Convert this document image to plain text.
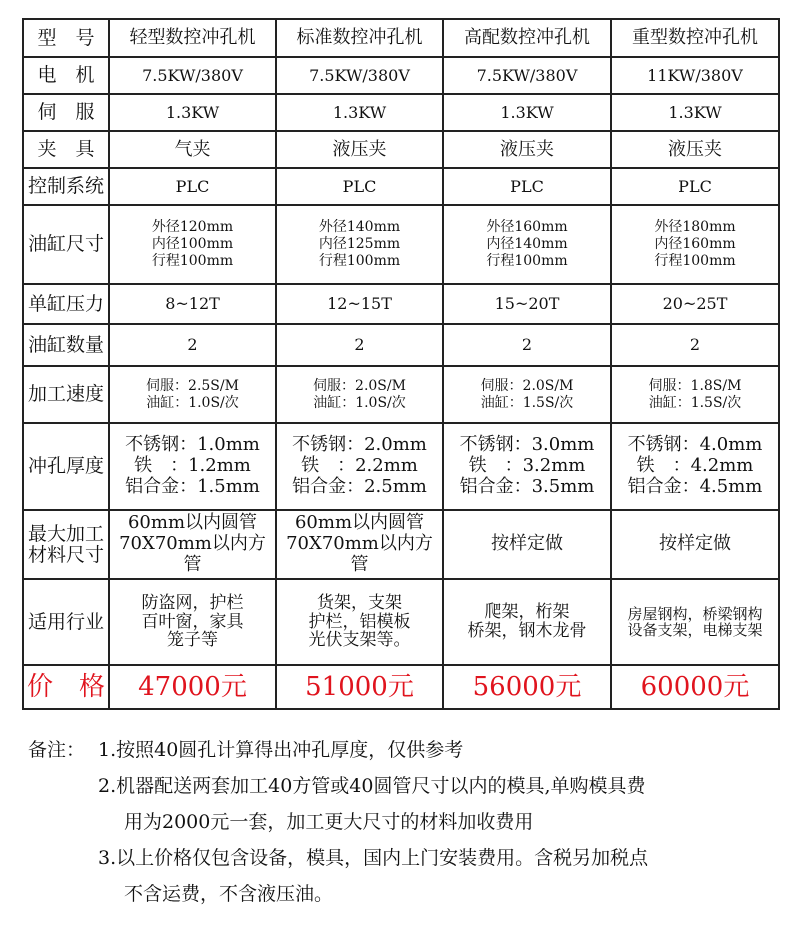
型　号	轻型数控冲孔机	标准数控冲孔机	高配数控冲孔机	重型数控冲孔机
电　机	7.5KW/380V	7.5KW/380V	7.5KW/380V	11KW/380V
伺　服	1.3KW	1.3KW	1.3KW	1.3KW
夹　具	气夹	液压夹	液压夹	液压夹
控制系统	PLC	PLC	PLC	PLC
油缸尺寸	外径120mm
内径100mm
行程100mm	外径140mm
内径125mm
行程100mm	外径160mm
内径140mm
行程100mm	外径180mm
内径160mm
行程100mm

单缸压力	8~12T	12~15T	15~20T	20~25T
油缸数量	2	2	2	2
加工速度	伺服：2.5S/M
油缸：1.0S/次	伺服：2.0S/M
油缸：1.0S/次	伺服：2.0S/M
油缸：1.5S/次	伺服：1.8S/M
油缸：1.5S/次

冲孔厚度	不锈钢：1.0mm
铁　：1.2mm
铝合金：1.5mm	不锈钢：2.0mm
铁　：2.2mm
铝合金：2.5mm	不锈钢：3.0mm
铁　：3.2mm
铝合金：3.5mm	不锈钢：4.0mm
铁　：4.2mm
铝合金：4.5mm

最大加工
材料尺寸	60mm以内圆管
70X70mm以内方管	60mm以内圆管
70X70mm以内方管	按样定做	按样定做
适用行业	防盗网，护栏
百叶窗，家具
笼子等	货架，支架
护栏，铝模板
光伏支架等。	爬架，桁架
桥架，钢木龙骨	房屋钢构，桥梁钢构
设备支架，电梯支架

价　格	47000元	51000元	56000元	60000元
备注： 1.按照40圆孔计算得出冲孔厚度，仅供参考
2.机器配送两套加工40方管或40圆管尺寸以内的模具,单购模具费
用为2000元一套，加工更大尺寸的材料加收费用
3.以上价格仅包含设备，模具，国内上门安装费用。含税另加税点
不含运费，不含液压油。
